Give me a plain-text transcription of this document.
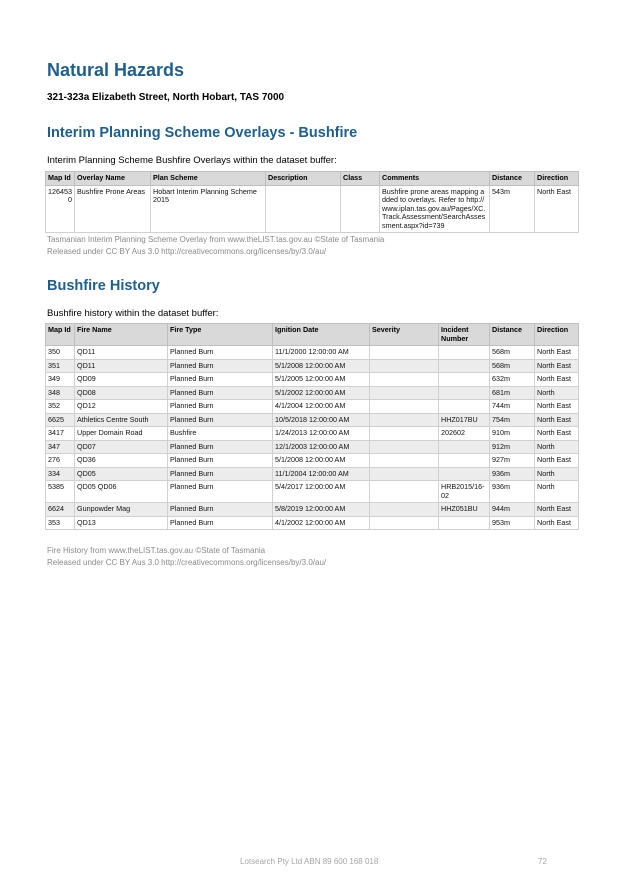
Natural Hazards

321-323a Elizabeth Street, North Hobart, TAS 7000

Interim Planning Scheme Overlays - Bushfire

Interim Planning Scheme Bushfire Overlays within the dataset buffer:

Map Id	Overlay Name	Plan Scheme	Description	Class	Comments	Distance	Direction
126453
0	Bushfire Prone Areas	Hobart Interim Planning Scheme 2015			Bushfire prone areas mapping added to overlays. Refer to http://www.iplan.tas.gov.au/Pages/XC.Track.Assessment/SearchAssessment.aspx?id=739	543m	North East
Tasmanian Interim Planning Scheme Overlay from www.theLIST.tas.gov.au ©State of Tasmania
Released under CC BY Aus 3.0 http://creativecommons.org/licenses/by/3.0/au/
Bushfire History

Bushfire history within the dataset buffer:

Map Id	Fire Name	Fire Type	Ignition Date	Severity	Incident Number	Distance	Direction
350	QD11	Planned Burn	11/1/2000 12:00:00 AM			568m	North East
351	QD11	Planned Burn	5/1/2008 12:00:00 AM			568m	North East
349	QD09	Planned Burn	5/1/2005 12:00:00 AM			632m	North East
348	QD08	Planned Burn	5/1/2002 12:00:00 AM			681m	North
352	QD12	Planned Burn	4/1/2004 12:00:00 AM			744m	North East
6625	Athletics Centre South	Planned Burn	10/5/2018 12:00:00 AM		HHZ017BU	754m	North East
3417	Upper Domain Road	Bushfire	1/24/2013 12:00:00 AM		202602	910m	North East
347	QD07	Planned Burn	12/1/2003 12:00:00 AM			912m	North
276	QD36	Planned Burn	5/1/2008 12:00:00 AM			927m	North East
334	QD05	Planned Burn	11/1/2004 12:00:00 AM			936m	North
5385	QD05 QD06	Planned Burn	5/4/2017 12:00:00 AM		HRB2015/16-02	936m	North
6624	Gunpowder Mag	Planned Burn	5/8/2019 12:00:00 AM		HHZ051BU	944m	North East
353	QD13	Planned Burn	4/1/2002 12:00:00 AM			953m	North East
Fire History from www.theLIST.tas.gov.au ©State of Tasmania
Released under CC BY Aus 3.0 http://creativecommons.org/licenses/by/3.0/au/
Lotsearch Pty Ltd ABN 89 600 168 018	72
